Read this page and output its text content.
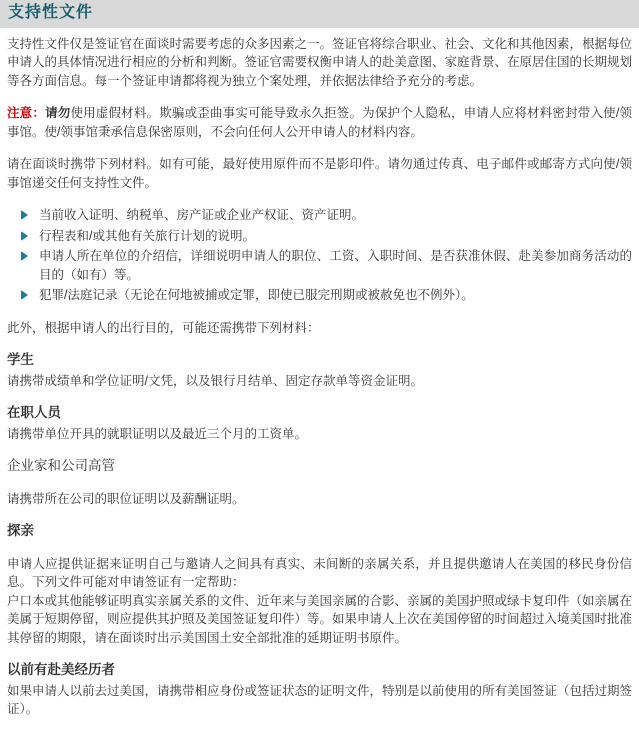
支持性文件

支持性文件仅是签证官在面谈时需要考虑的众多因素之一。签证官将综合职业、社会、文化和其他因素，根据每位申请人的具体情况进行相应的分析和判断。签证官需要权衡申请人的赴美意图、家庭背景、在原居住国的长期规划等各方面信息。每一个签证申请都将视为独立个案处理，并依据法律给予充分的考虑。

注意：请勿使用虚假材料。欺骗或歪曲事实可能导致永久拒签。为保护个人隐私，申请人应将材料密封带入使/领事馆。使/领事馆秉承信息保密原则，不会向任何人公开申请人的材料内容。

请在面谈时携带下列材料。如有可能，最好使用原件而不是影印件。请勿通过传真、电子邮件或邮寄方式向使/领事馆递交任何支持性文件。

当前收入证明、纳税单、房产证或企业产权证、资产证明。
行程表和/或其他有关旅行计划的说明。
申请人所在单位的介绍信，详细说明申请人的职位、工资、入职时间、是否获准休假、赴美参加商务活动的目的（如有）等。
犯罪/法庭记录（无论在何地被捕或定罪，即使已服完刑期或被赦免也不例外）。

此外，根据申请人的出行目的，可能还需携带下列材料：

学生

请携带成绩单和学位证明/文凭，以及银行月结单、固定存款单等资金证明。

在职人员

请携带单位开具的就职证明以及最近三个月的工资单。

企业家和公司高管

请携带所在公司的职位证明以及薪酬证明。

探亲

申请人应提供证据来证明自己与邀请人之间具有真实、未间断的亲属关系，并且提供邀请人在美国的移民身份信息。下列文件可能对申请签证有一定帮助：
户口本或其他能够证明真实亲属关系的文件、近年来与美国亲属的合影、亲属的美国护照或绿卡复印件（如亲属在美属于短期停留，则应提供其护照及美国签证复印件）等。如果申请人上次在美国停留的时间超过入境美国时批准其停留的期限，请在面谈时出示美国国土安全部批准的延期证明书原件。

以前有赴美经历者

如果申请人以前去过美国，请携带相应身份或签证状态的证明文件，特别是以前使用的所有美国签证（包括过期签证）。
